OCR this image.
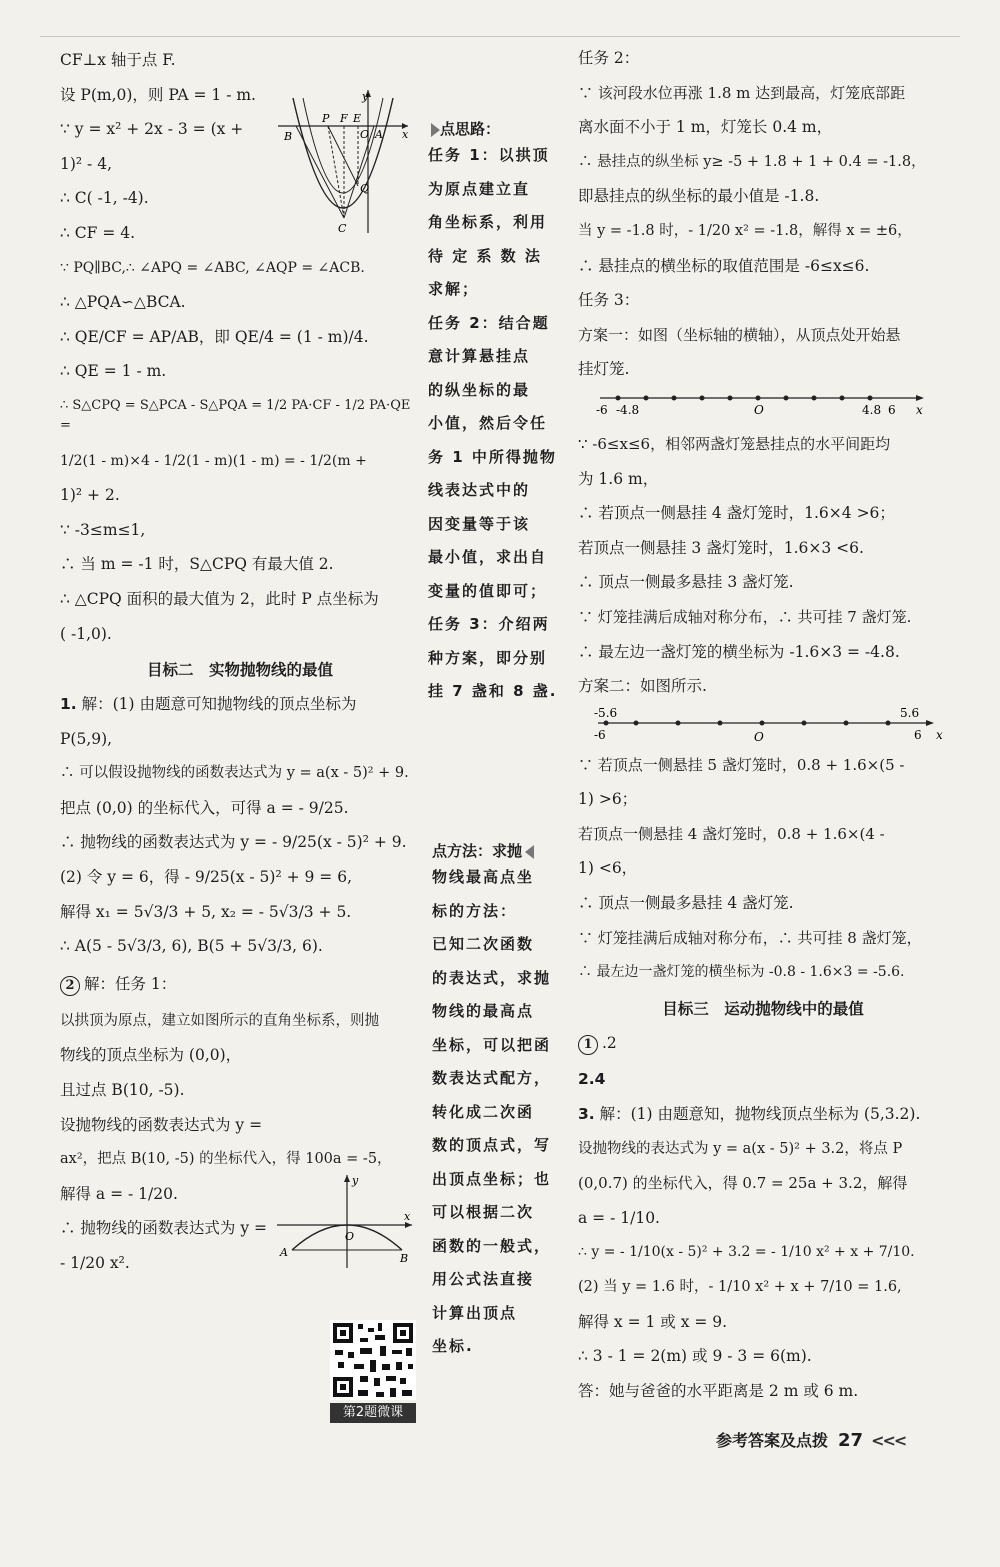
CF⊥x 轴于点 F.
设 P(m,0)，则 PA = 1 - m.
∵ y = x² + 2x - 3 = (x +
1)² - 4,
∴ C( -1, -4).
∴ CF = 4.
∵ PQ∥BC,∴ ∠APQ = ∠ABC, ∠AQP = ∠ACB.
∴ △PQA∽△BCA.
∴ QE/CF = AP/AB，即 QE/4 = (1 - m)/4.
∴ QE = 1 - m.
∴ S△CPQ = S△PCA - S△PQA = 1/2 PA·CF - 1/2 PA·QE =
1/2(1 - m)×4 - 1/2(1 - m)(1 - m) = - 1/2(m +
1)² + 2.
∵ -3≤m≤1,
∴ 当 m = -1 时，S△CPQ 有最大值 2.
∴ △CPQ 面积的最大值为 2，此时 P 点坐标为
( -1,0).
目标二　实物抛物线的最值
1. 解：(1) 由题意可知抛物线的顶点坐标为
P(5,9),
∴ 可以假设抛物线的函数表达式为 y = a(x - 5)² + 9.
把点 (0,0) 的坐标代入，可得 a = - 9/25.
∴ 抛物线的函数表达式为 y = - 9/25(x - 5)² + 9.
(2) 令 y = 6，得 - 9/25(x - 5)² + 9 = 6,
解得 x₁ = 5√3/3 + 5, x₂ = - 5√3/3 + 5.
∴ A(5 - 5√3/3, 6), B(5 + 5√3/3, 6).
2 解：任务 1：
以拱顶为原点，建立如图所示的直角坐标系，则抛
物线的顶点坐标为 (0,0)，
且过点 B(10, -5).
设抛物线的函数表达式为 y =
ax²，把点 B(10, -5) 的坐标代入，得 100a = -5，
解得 a = - 1/20.
∴ 抛物线的函数表达式为 y =
- 1/20 x².
y
P F E
O A
B
Q
C
x
y
O
A	B
x
第2题微课
点思路：
任务 1：以拱顶
为原点建立直
角坐标系，利用
待 定 系 数 法
求解；
任务 2：结合题
意计算悬挂点
的纵坐标的最
小值，然后令任
务 1 中所得抛物
线表达式中的
因变量等于该
最小值，求出自
变量的值即可；
任务 3：介绍两
种方案，即分别
挂 7 盏和 8 盏.
点方法：求抛
物线最高点坐
标的方法：
已知二次函数
的表达式，求抛
物线的最高点
坐标，可以把函
数表达式配方，
转化成二次函
数的顶点式，写
出顶点坐标；也
可以根据二次
函数的一般式，
用公式法直接
计算出顶点
坐标.
任务 2：
∵ 该河段水位再涨 1.8 m 达到最高，灯笼底部距
离水面不小于 1 m，灯笼长 0.4 m，
∴ 悬挂点的纵坐标 y≥ -5 + 1.8 + 1 + 0.4 = -1.8，
即悬挂点的纵坐标的最小值是 -1.8.
当 y = -1.8 时，- 1/20 x² = -1.8，解得 x = ±6，
∴ 悬挂点的横坐标的取值范围是 -6≤x≤6.
任务 3：
方案一：如图（坐标轴的横轴），从顶点处开始悬
挂灯笼.
-6 -4.8	O	4.8 6 x
∵ -6≤x≤6，相邻两盏灯笼悬挂点的水平间距均
为 1.6 m，
∴ 若顶点一侧悬挂 4 盏灯笼时，1.6×4 >6；
若顶点一侧悬挂 3 盏灯笼时，1.6×3 <6.
∴ 顶点一侧最多悬挂 3 盏灯笼.
∵ 灯笼挂满后成轴对称分布，∴ 共可挂 7 盏灯笼.
∴ 最左边一盏灯笼的横坐标为 -1.6×3 = -4.8.
方案二：如图所示.
-5.6
-6	O
5.6
6 x
∵ 若顶点一侧悬挂 5 盏灯笼时，0.8 + 1.6×(5 -
1) >6；
若顶点一侧悬挂 4 盏灯笼时，0.8 + 1.6×(4 -
1) <6，
∴ 顶点一侧最多悬挂 4 盏灯笼.
∵ 灯笼挂满后成轴对称分布，∴ 共可挂 8 盏灯笼，
∴ 最左边一盏灯笼的横坐标为 -0.8 - 1.6×3 = -5.6.
目标三　运动抛物线中的最值
1 .2
2.4
3. 解：(1) 由题意知，抛物线顶点坐标为 (5,3.2).
设抛物线的表达式为 y = a(x - 5)² + 3.2，将点 P
(0,0.7) 的坐标代入，得 0.7 = 25a + 3.2，解得
a = - 1/10.
∴ y = - 1/10(x - 5)² + 3.2 = - 1/10 x² + x + 7/10.
(2) 当 y = 1.6 时，- 1/10 x² + x + 7/10 = 1.6,
解得 x = 1 或 x = 9.
∴ 3 - 1 = 2(m) 或 9 - 3 = 6(m).
答：她与爸爸的水平距离是 2 m 或 6 m.
参考答案及点拨 27 <<<
